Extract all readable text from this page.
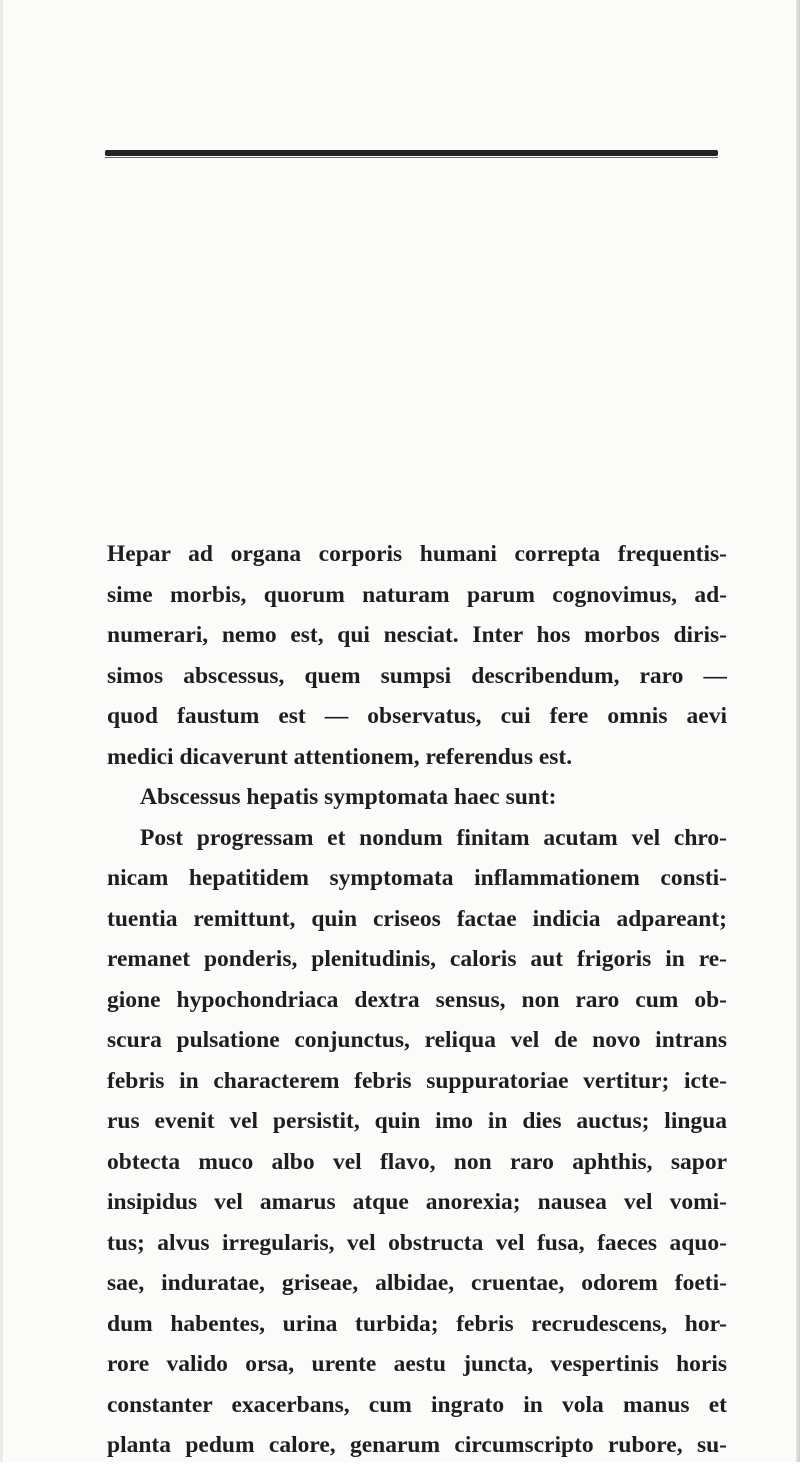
Hepar ad organa corporis humani correpta frequentis-
sime morbis, quorum naturam parum cognovimus, ad-
numerari, nemo est, qui nesciat. Inter hos morbos diris-
simos abscessus, quem sumpsi describendum, raro —
quod faustum est — observatus, cui fere omnis aevi
medici dicaverunt attentionem, referendus est.
Abscessus hepatis symptomata haec sunt:
Post progressam et nondum finitam acutam vel chro-
nicam hepatitidem symptomata inflammationem consti-
tuentia remittunt, quin criseos factae indicia adpareant;
remanet ponderis, plenitudinis, caloris aut frigoris in re-
gione hypochondriaca dextra sensus, non raro cum ob-
scura pulsatione conjunctus, reliqua vel de novo intrans
febris in characterem febris suppuratoriae vertitur; icte-
rus evenit vel persistit, quin imo in dies auctus; lingua
obtecta muco albo vel flavo, non raro aphthis, sapor
insipidus vel amarus atque anorexia; nausea vel vomi-
tus; alvus irregularis, vel obstructa vel fusa, faeces aquo-
sae, induratae, griseae, albidae, cruentae, odorem foeti-
dum habentes, urina turbida; febris recrudescens, hor-
rore valido orsa, urente aestu juncta, vespertinis horis
constanter exacerbans, cum ingrato in vola manus et
planta pedum calore, genarum circumscripto rubore, su-
